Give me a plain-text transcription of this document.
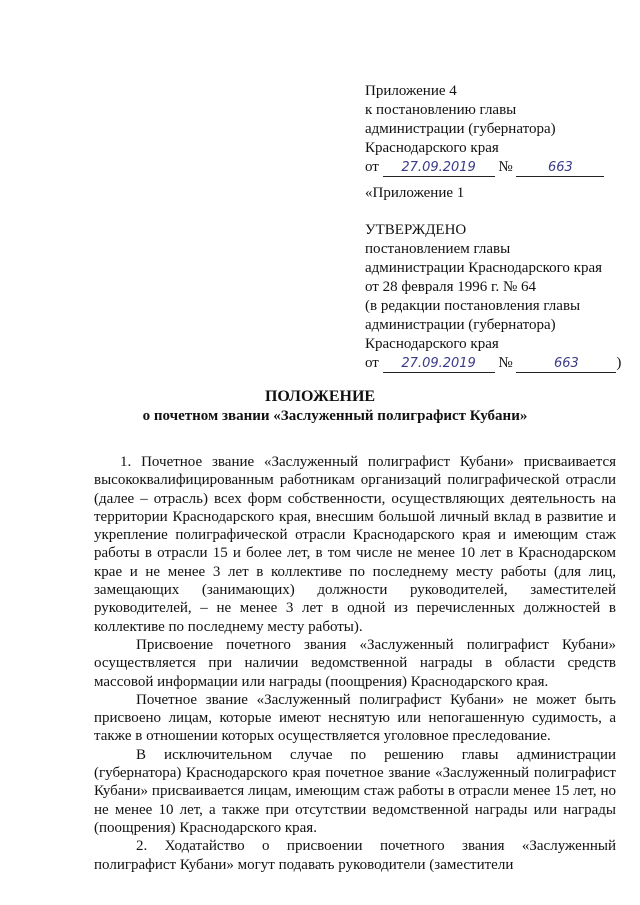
Приложение 4
к постановлению главы
администрации (губернатора)
Краснодарского края
от 27.09.2019 №	663
«Приложение 1
УТВЕРЖДЕНО
постановлением главы
администрации Краснодарского края
от 28 февраля 1996 г. № 64
(в редакции постановления главы
администрации (губернатора)
Краснодарского края
от 27.09.2019 №	663	)
ПОЛОЖЕНИЕ
о почетном звании «Заслуженный полиграфист Кубани»

1. Почетное звание «Заслуженный полиграфист Кубани» присваивается высококвалифицированным работникам организаций полиграфической отрасли (далее – отрасль) всех форм собственности, осуществляющих деятельность на территории Краснодарского края, внесшим большой личный вклад в развитие и укрепление полиграфической отрасли Краснодарского края и имеющим стаж работы в отрасли 15 и более лет, в том числе не менее 10 лет в Краснодарском крае и не менее 3 лет в коллективе по последнему месту работы (для лиц, замещающих (занимающих) должности руководителей, заместителей руководителей, – не менее 3 лет в одной из перечисленных должностей в коллективе по последнему месту работы).

Присвоение почетного звания «Заслуженный полиграфист Кубани» осуществляется при наличии ведомственной награды в области средств массовой информации или награды (поощрения) Краснодарского края.

Почетное звание «Заслуженный полиграфист Кубани» не может быть присвоено лицам, которые имеют неснятую или непогашенную судимость, а также в отношении которых осуществляется уголовное преследование.

В исключительном случае по решению главы администрации (губернатора) Краснодарского края почетное звание «Заслуженный полиграфист Кубани» присваивается лицам, имеющим стаж работы в отрасли менее 15 лет, но не менее 10 лет, а также при отсутствии ведомственной награды или награды (поощрения) Краснодарского края.

2. Ходатайство о присвоении почетного звания «Заслуженный полиграфист Кубани» могут подавать руководители (заместители
